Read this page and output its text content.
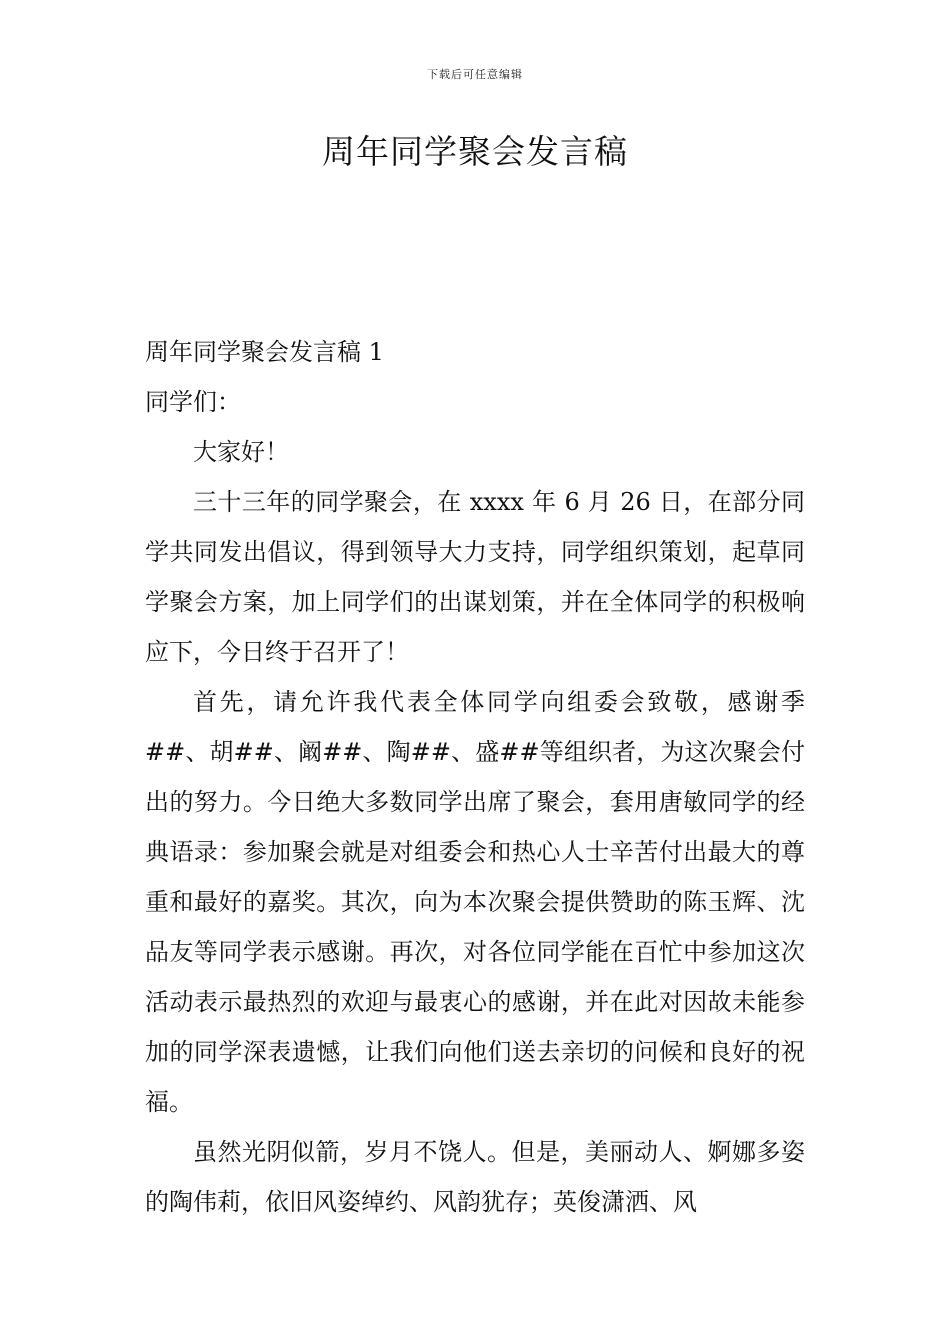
下载后可任意编辑
周年同学聚会发言稿

周年同学聚会发言稿 1

同学们：

大家好！

三十三年的同学聚会，在 xxxx 年 6 月 26 日，在部分同学共同发出倡议，得到领导大力支持，同学组织策划，起草同学聚会方案，加上同学们的出谋划策，并在全体同学的积极响应下，今日终于召开了！

首先，请允许我代表全体同学向组委会致敬，感谢季##、胡##、阚##、陶##、盛##等组织者，为这次聚会付出的努力。今日绝大多数同学出席了聚会，套用唐敏同学的经典语录：参加聚会就是对组委会和热心人士辛苦付出最大的尊重和最好的嘉奖。其次，向为本次聚会提供赞助的陈玉辉、沈品友等同学表示感谢。再次，对各位同学能在百忙中参加这次活动表示最热烈的欢迎与最衷心的感谢，并在此对因故未能参加的同学深表遗憾，让我们向他们送去亲切的问候和良好的祝福。

虽然光阴似箭，岁月不饶人。但是，美丽动人、婀娜多姿的陶伟莉，依旧风姿绰约、风韵犹存；英俊潇洒、风
